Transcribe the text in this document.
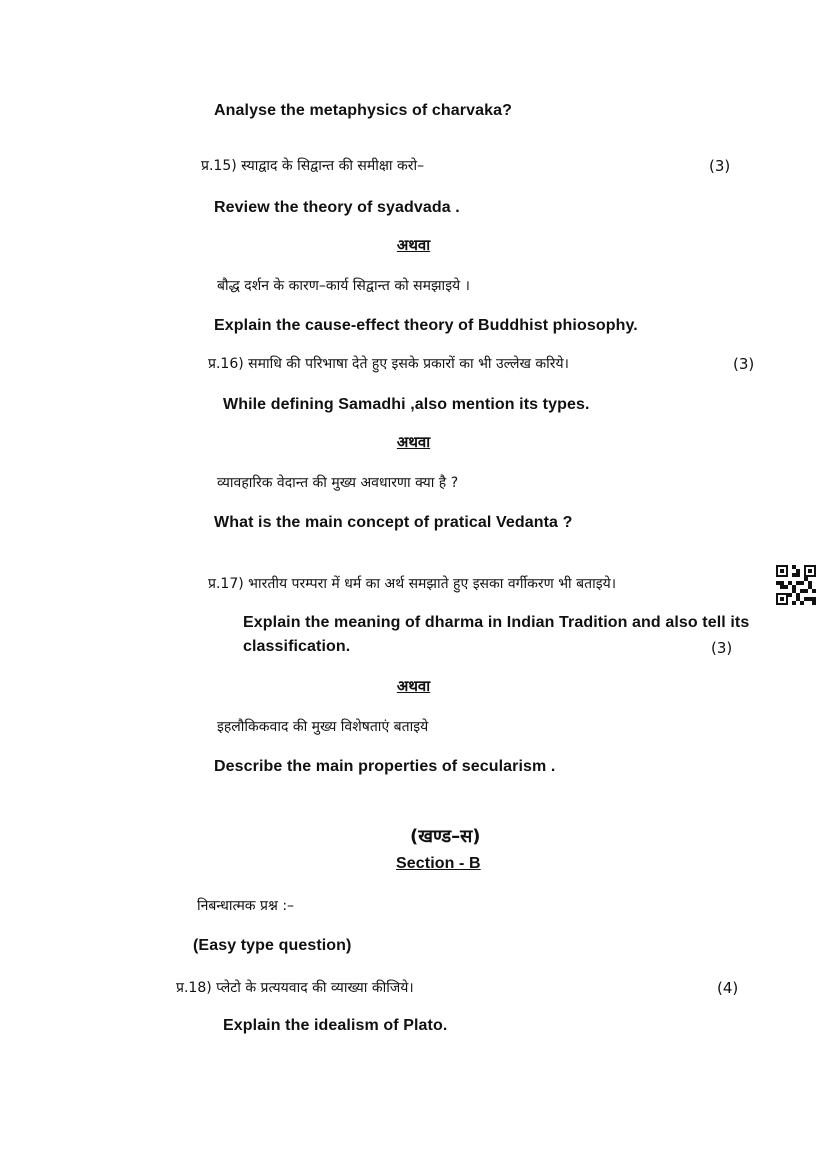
Analyse the metaphysics of charvaka?
प्र.15) स्याद्वाद के सिद्वान्त की समीक्षा करो–	(3)
Review the theory of syadvada .
अथवा
बौद्ध दर्शन के कारण–कार्य सिद्वान्त को समझाइये ।
Explain the cause-effect theory of Buddhist phiosophy.
प्र.16) समाधि की परिभाषा देते हुए इसके प्रकारों का भी उल्लेख करिये।	(3)
While defining Samadhi ,also mention its types.
अथवा
व्यावहारिक वेदान्त की मुख्य अवधारणा क्या है ?
What is the main concept of pratical Vedanta ?
प्र.17) भारतीय परम्परा में धर्म का अर्थ समझाते हुए इसका वर्गीकरण भी बताइये।
Explain the meaning of dharma in Indian Tradition and also tell its
classification.	(3)
अथवा
इहलौकिकवाद की मुख्य विशेषताएं बताइये
Describe the main properties of secularism .
(खण्ड–स)
Section - B
निबन्धात्मक प्रश्न :–
(Easy type question)
प्र.18) प्लेटो के प्रत्ययवाद की व्याख्या कीजिये।	(4)
Explain the idealism of Plato.
